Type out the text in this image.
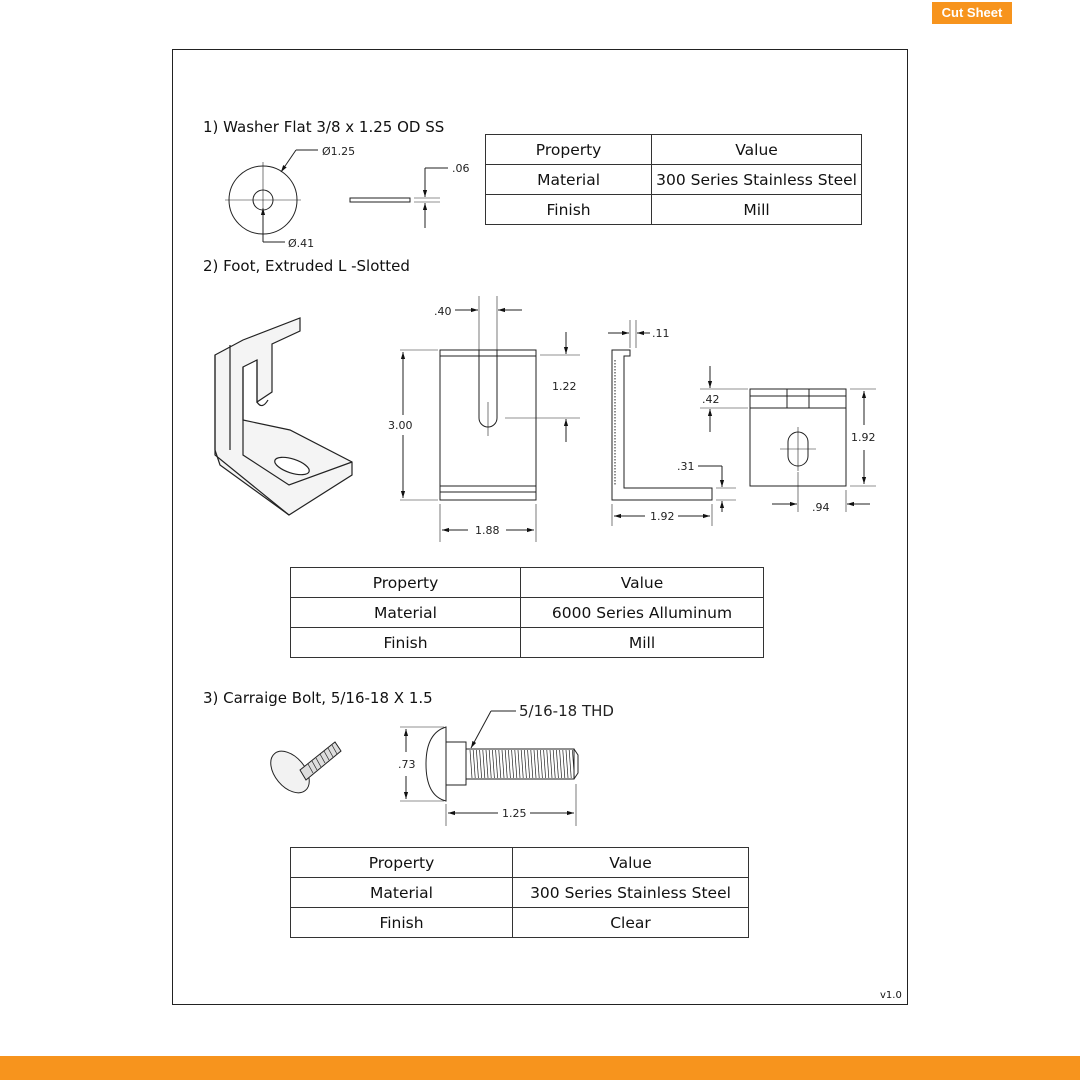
Cut Sheet
1) Washer Flat 3/8 x 1.25 OD SS
2) Foot, Extruded L -Slotted
3) Carraige Bolt, 5/16-18 X 1.5
Ø1.25
.06
Ø.41
.40
3.00
1.22
1.88
.11
.31
1.92
.42
1.92
.94
5/16-18 THD
.73
1.25
Property	Value
Material	300 Series Stainless Steel
Finish	Mill
Property	Value
Material	6000 Series Alluminum
Finish	Mill
Property	Value
Material	300 Series Stainless Steel
Finish	Clear
v1.0
